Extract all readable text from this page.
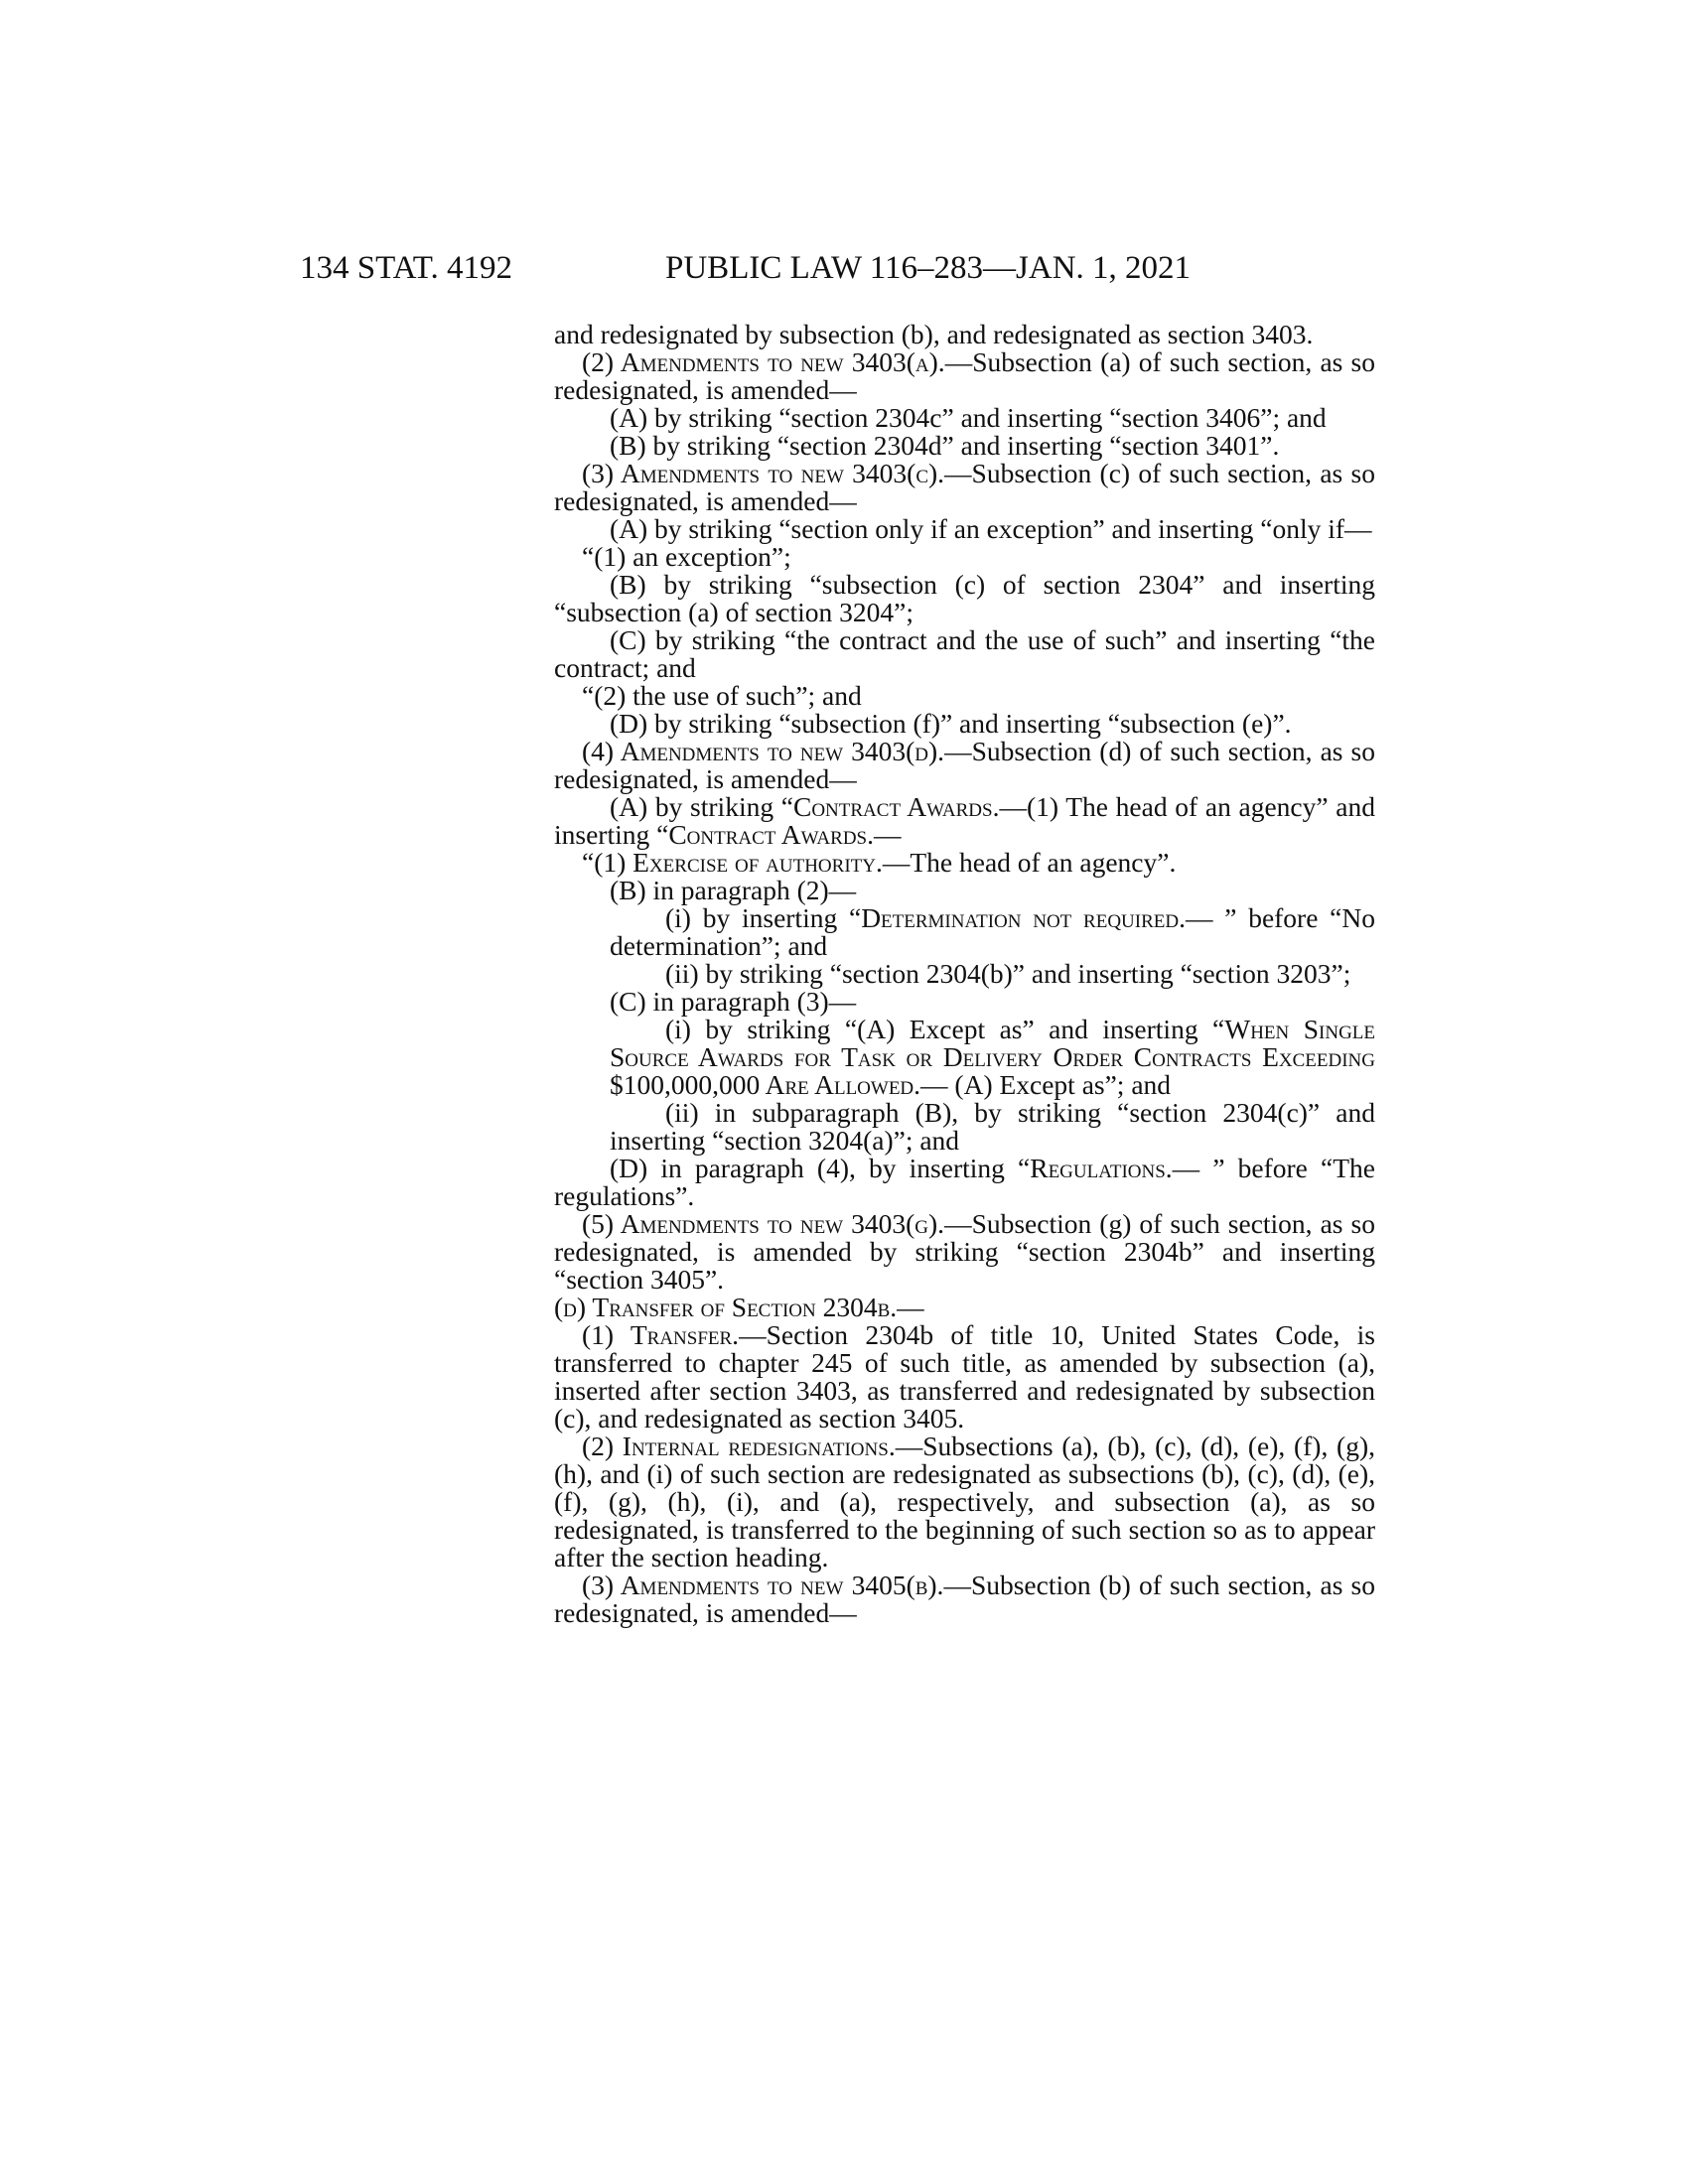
134 STAT. 4192	PUBLIC LAW 116–283—JAN. 1, 2021

and redesignated by subsection (b), and redesignated as section 3403.

(2) Amendments to new 3403(a).—Subsection (a) of such section, as so redesignated, is amended—

(A) by striking “section 2304c” and inserting “section 3406”; and

(B) by striking “section 2304d” and inserting “section 3401”.

(3) Amendments to new 3403(c).—Subsection (c) of such section, as so redesignated, is amended—

(A) by striking “section only if an exception” and inserting “only if—

“(1) an exception”;

(B) by striking “subsection (c) of section 2304” and inserting “subsection (a) of section 3204”;

(C) by striking “the contract and the use of such” and inserting “the contract; and

“(2) the use of such”; and

(D) by striking “subsection (f)” and inserting “subsection (e)”.

(4) Amendments to new 3403(d).—Subsection (d) of such section, as so redesignated, is amended—

(A) by striking “Contract Awards.—(1) The head of an agency” and inserting “Contract Awards.—

“(1) Exercise of authority.—The head of an agency”.

(B) in paragraph (2)—

(i) by inserting “Determination not required.— ” before “No determination”; and

(ii) by striking “section 2304(b)” and inserting “section 3203”;

(C) in paragraph (3)—

(i) by striking “(A) Except as” and inserting “When Single Source Awards for Task or Delivery Order Contracts Exceeding $100,000,000 Are Allowed.— (A) Except as”; and

(ii) in subparagraph (B), by striking “section 2304(c)” and inserting “section 3204(a)”; and

(D) in paragraph (4), by inserting “Regulations.— ” before “The regulations”.

(5) Amendments to new 3403(g).—Subsection (g) of such section, as so redesignated, is amended by striking “section 2304b” and inserting “section 3405”.

(d) Transfer of Section 2304b.—

(1) Transfer.—Section 2304b of title 10, United States Code, is transferred to chapter 245 of such title, as amended by subsection (a), inserted after section 3403, as transferred and redesignated by subsection (c), and redesignated as section 3405.

(2) Internal redesignations.—Subsections (a), (b), (c), (d), (e), (f), (g), (h), and (i) of such section are redesignated as subsections (b), (c), (d), (e), (f), (g), (h), (i), and (a), respectively, and subsection (a), as so redesignated, is transferred to the beginning of such section so as to appear after the section heading.

(3) Amendments to new 3405(b).—Subsection (b) of such section, as so redesignated, is amended—
